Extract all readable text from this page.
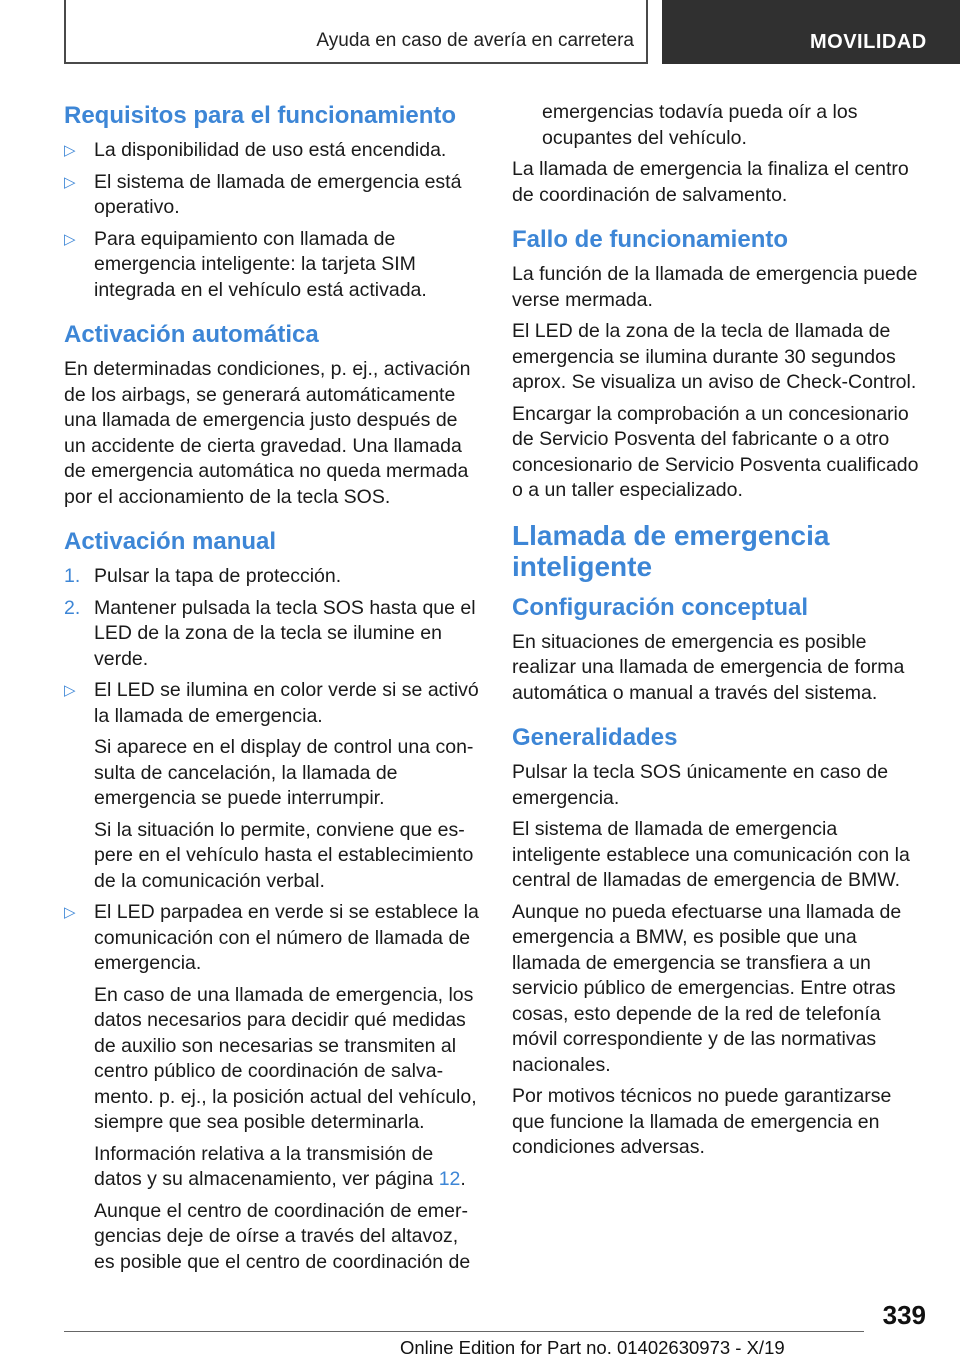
Ayuda en caso de avería en carretera	MOVILIDAD
Requisitos para el funcionamiento
▷ La disponibilidad de uso está encendida.
▷ El sistema de llamada de emergencia está operativo.
▷ Para equipamiento con llamada de emergencia inteligente: la tarjeta SIM integrada en el vehículo está activada.
Activación automática

En determinadas condiciones, p. ej., activación de los airbags, se generará automáticamente una llamada de emergencia justo después de un accidente de cierta gravedad. Una llamada de emergencia automática no queda mermada por el accionamiento de la tecla SOS.

Activación manual
1. Pulsar la tapa de protección.
2. Mantener pulsada la tecla SOS hasta que el LED de la zona de la tecla se ilumine en verde.
▷ El LED se ilumina en color verde si se activó la llamada de emergencia.

Si aparece en el display de control una consulta de cancelación, la llamada de emergencia se puede interrumpir.

Si la situación lo permite, conviene que espere en el vehículo hasta el establecimiento de la comunicación verbal.

▷ El LED parpadea en verde si se establece la comunicación con el número de llamada de emergencia.

En caso de una llamada de emergencia, los datos necesarios para decidir qué medidas de auxilio son necesarias se transmiten al centro público de coordinación de salvamento. p. ej., la posición actual del vehículo, siempre que sea posible determinarla.

Información relativa a la transmisión de datos y su almacenamiento, ver página 12.

Aunque el centro de coordinación de emergencias deje de oírse a través del altavoz, es posible que el centro de coordinación de

emergencias todavía pueda oír a los ocupantes del vehículo.

La llamada de emergencia la finaliza el centro de coordinación de salvamento.

Fallo de funcionamiento

La función de la llamada de emergencia puede verse mermada.

El LED de la zona de la tecla de llamada de emergencia se ilumina durante 30 segundos aprox. Se visualiza un aviso de Check-Control.

Encargar la comprobación a un concesionario de Servicio Posventa del fabricante o a otro concesionario de Servicio Posventa cualificado o a un taller especializado.

Llamada de emergencia inteligente
Configuración conceptual

En situaciones de emergencia es posible realizar una llamada de emergencia de forma automática o manual a través del sistema.

Generalidades

Pulsar la tecla SOS únicamente en caso de emergencia.

El sistema de llamada de emergencia inteligente establece una comunicación con la central de llamadas de emergencia de BMW.

Aunque no pueda efectuarse una llamada de emergencia a BMW, es posible que una llamada de emergencia se transfiera a un servicio público de emergencias. Entre otras cosas, esto depende de la red de telefonía móvil correspondiente y de las normativas nacionales.

Por motivos técnicos no puede garantizarse que funcione la llamada de emergencia en condiciones adversas.

339
Online Edition for Part no. 01402630973 - X/19
